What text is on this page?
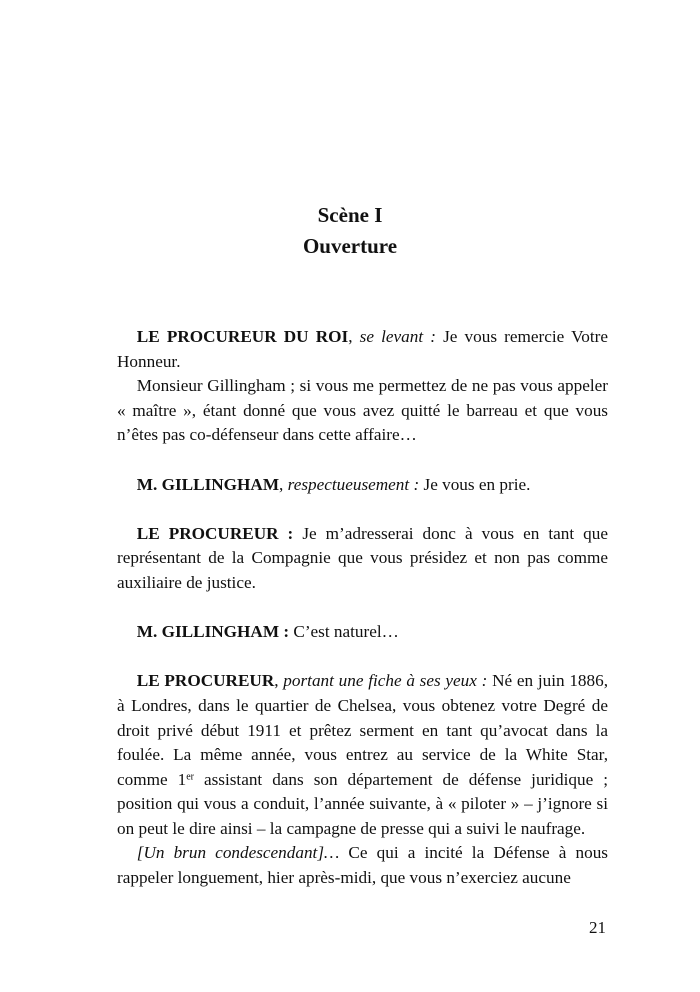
Scène I
Ouverture

LE PROCUREUR DU ROI, se levant : Je vous remercie Votre Honneur.

Monsieur Gillingham ; si vous me permettez de ne pas vous appeler « maître », étant donné que vous avez quitté le barreau et que vous n’êtes pas co-défenseur dans cette affaire…

M. GILLINGHAM, respectueusement : Je vous en prie.

LE PROCUREUR : Je m’adresserai donc à vous en tant que représentant de la Compagnie que vous présidez et non pas comme auxiliaire de justice.

M. GILLINGHAM : C’est naturel…

LE PROCUREUR, portant une fiche à ses yeux : Né en juin 1886, à Londres, dans le quartier de Chelsea, vous obtenez votre Degré de droit privé début 1911 et prêtez serment en tant qu’avocat dans la foulée. La même année, vous entrez au service de la White Star, comme 1er assistant dans son département de défense juridique ; position qui vous a conduit, l’année suivante, à « piloter » – j’ignore si on peut le dire ainsi – la campagne de presse qui a suivi le naufrage.

[Un brun condescendant]… Ce qui a incité la Défense à nous rappeler longuement, hier après-midi, que vous n’exerciez aucune

21
